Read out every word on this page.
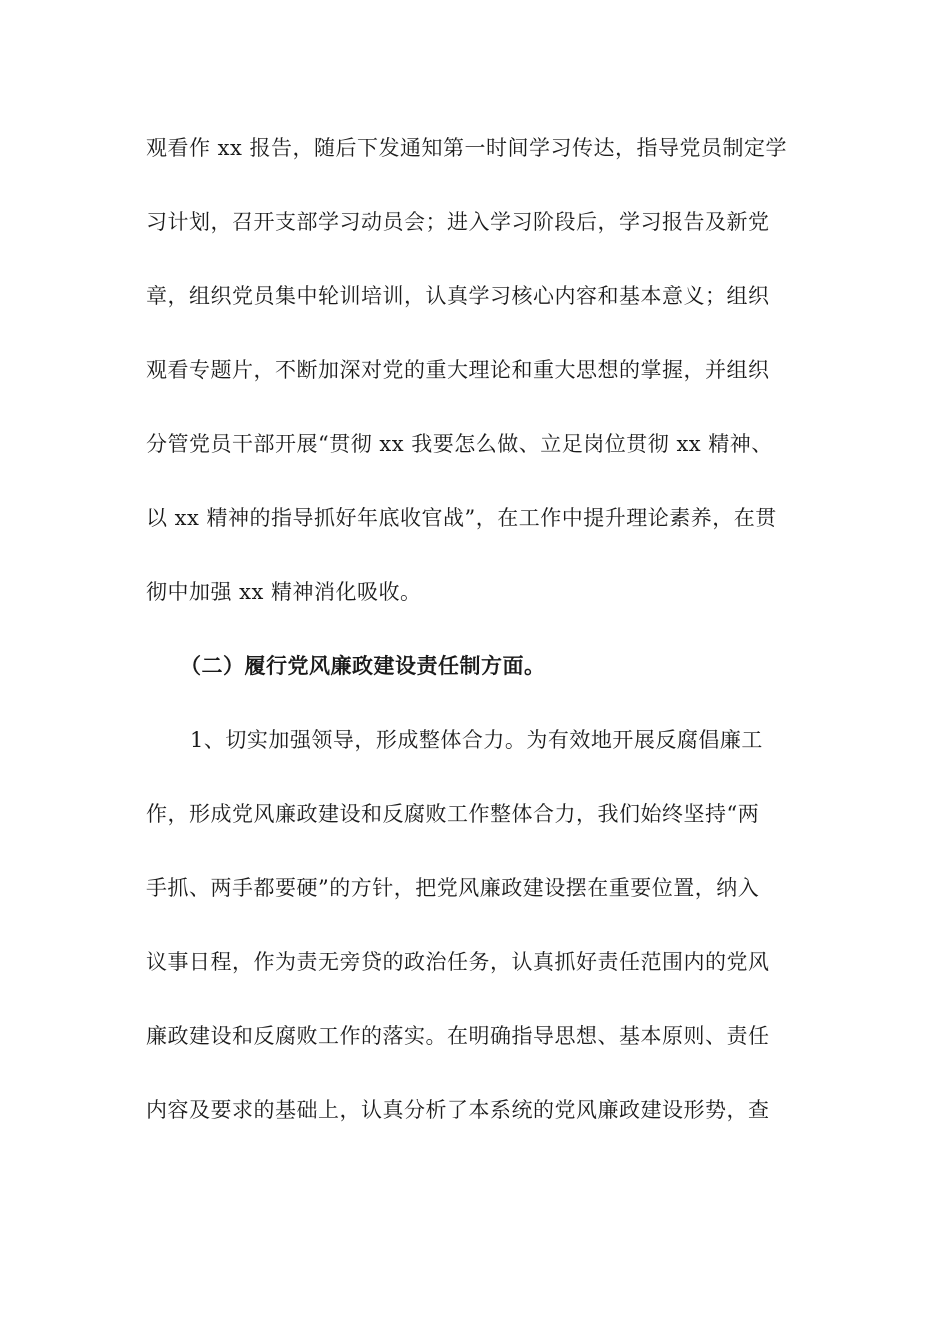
观看作 xx 报告，随后下发通知第一时间学习传达，指导党员制定学
习计划，召开支部学习动员会；进入学习阶段后，学习报告及新党
章，组织党员集中轮训培训，认真学习核心内容和基本意义；组织
观看专题片，不断加深对党的重大理论和重大思想的掌握，并组织
分管党员干部开展“贯彻 xx 我要怎么做、立足岗位贯彻 xx 精神、
以 xx 精神的指导抓好年底收官战”，在工作中提升理论素养，在贯
彻中加强 xx 精神消化吸收。
（二）履行党风廉政建设责任制方面。
1、切实加强领导，形成整体合力。为有效地开展反腐倡廉工
作，形成党风廉政建设和反腐败工作整体合力，我们始终坚持“两
手抓、两手都要硬”的方针，把党风廉政建设摆在重要位置，纳入
议事日程，作为责无旁贷的政治任务，认真抓好责任范围内的党风
廉政建设和反腐败工作的落实。在明确指导思想、基本原则、责任
内容及要求的基础上，认真分析了本系统的党风廉政建设形势，查
